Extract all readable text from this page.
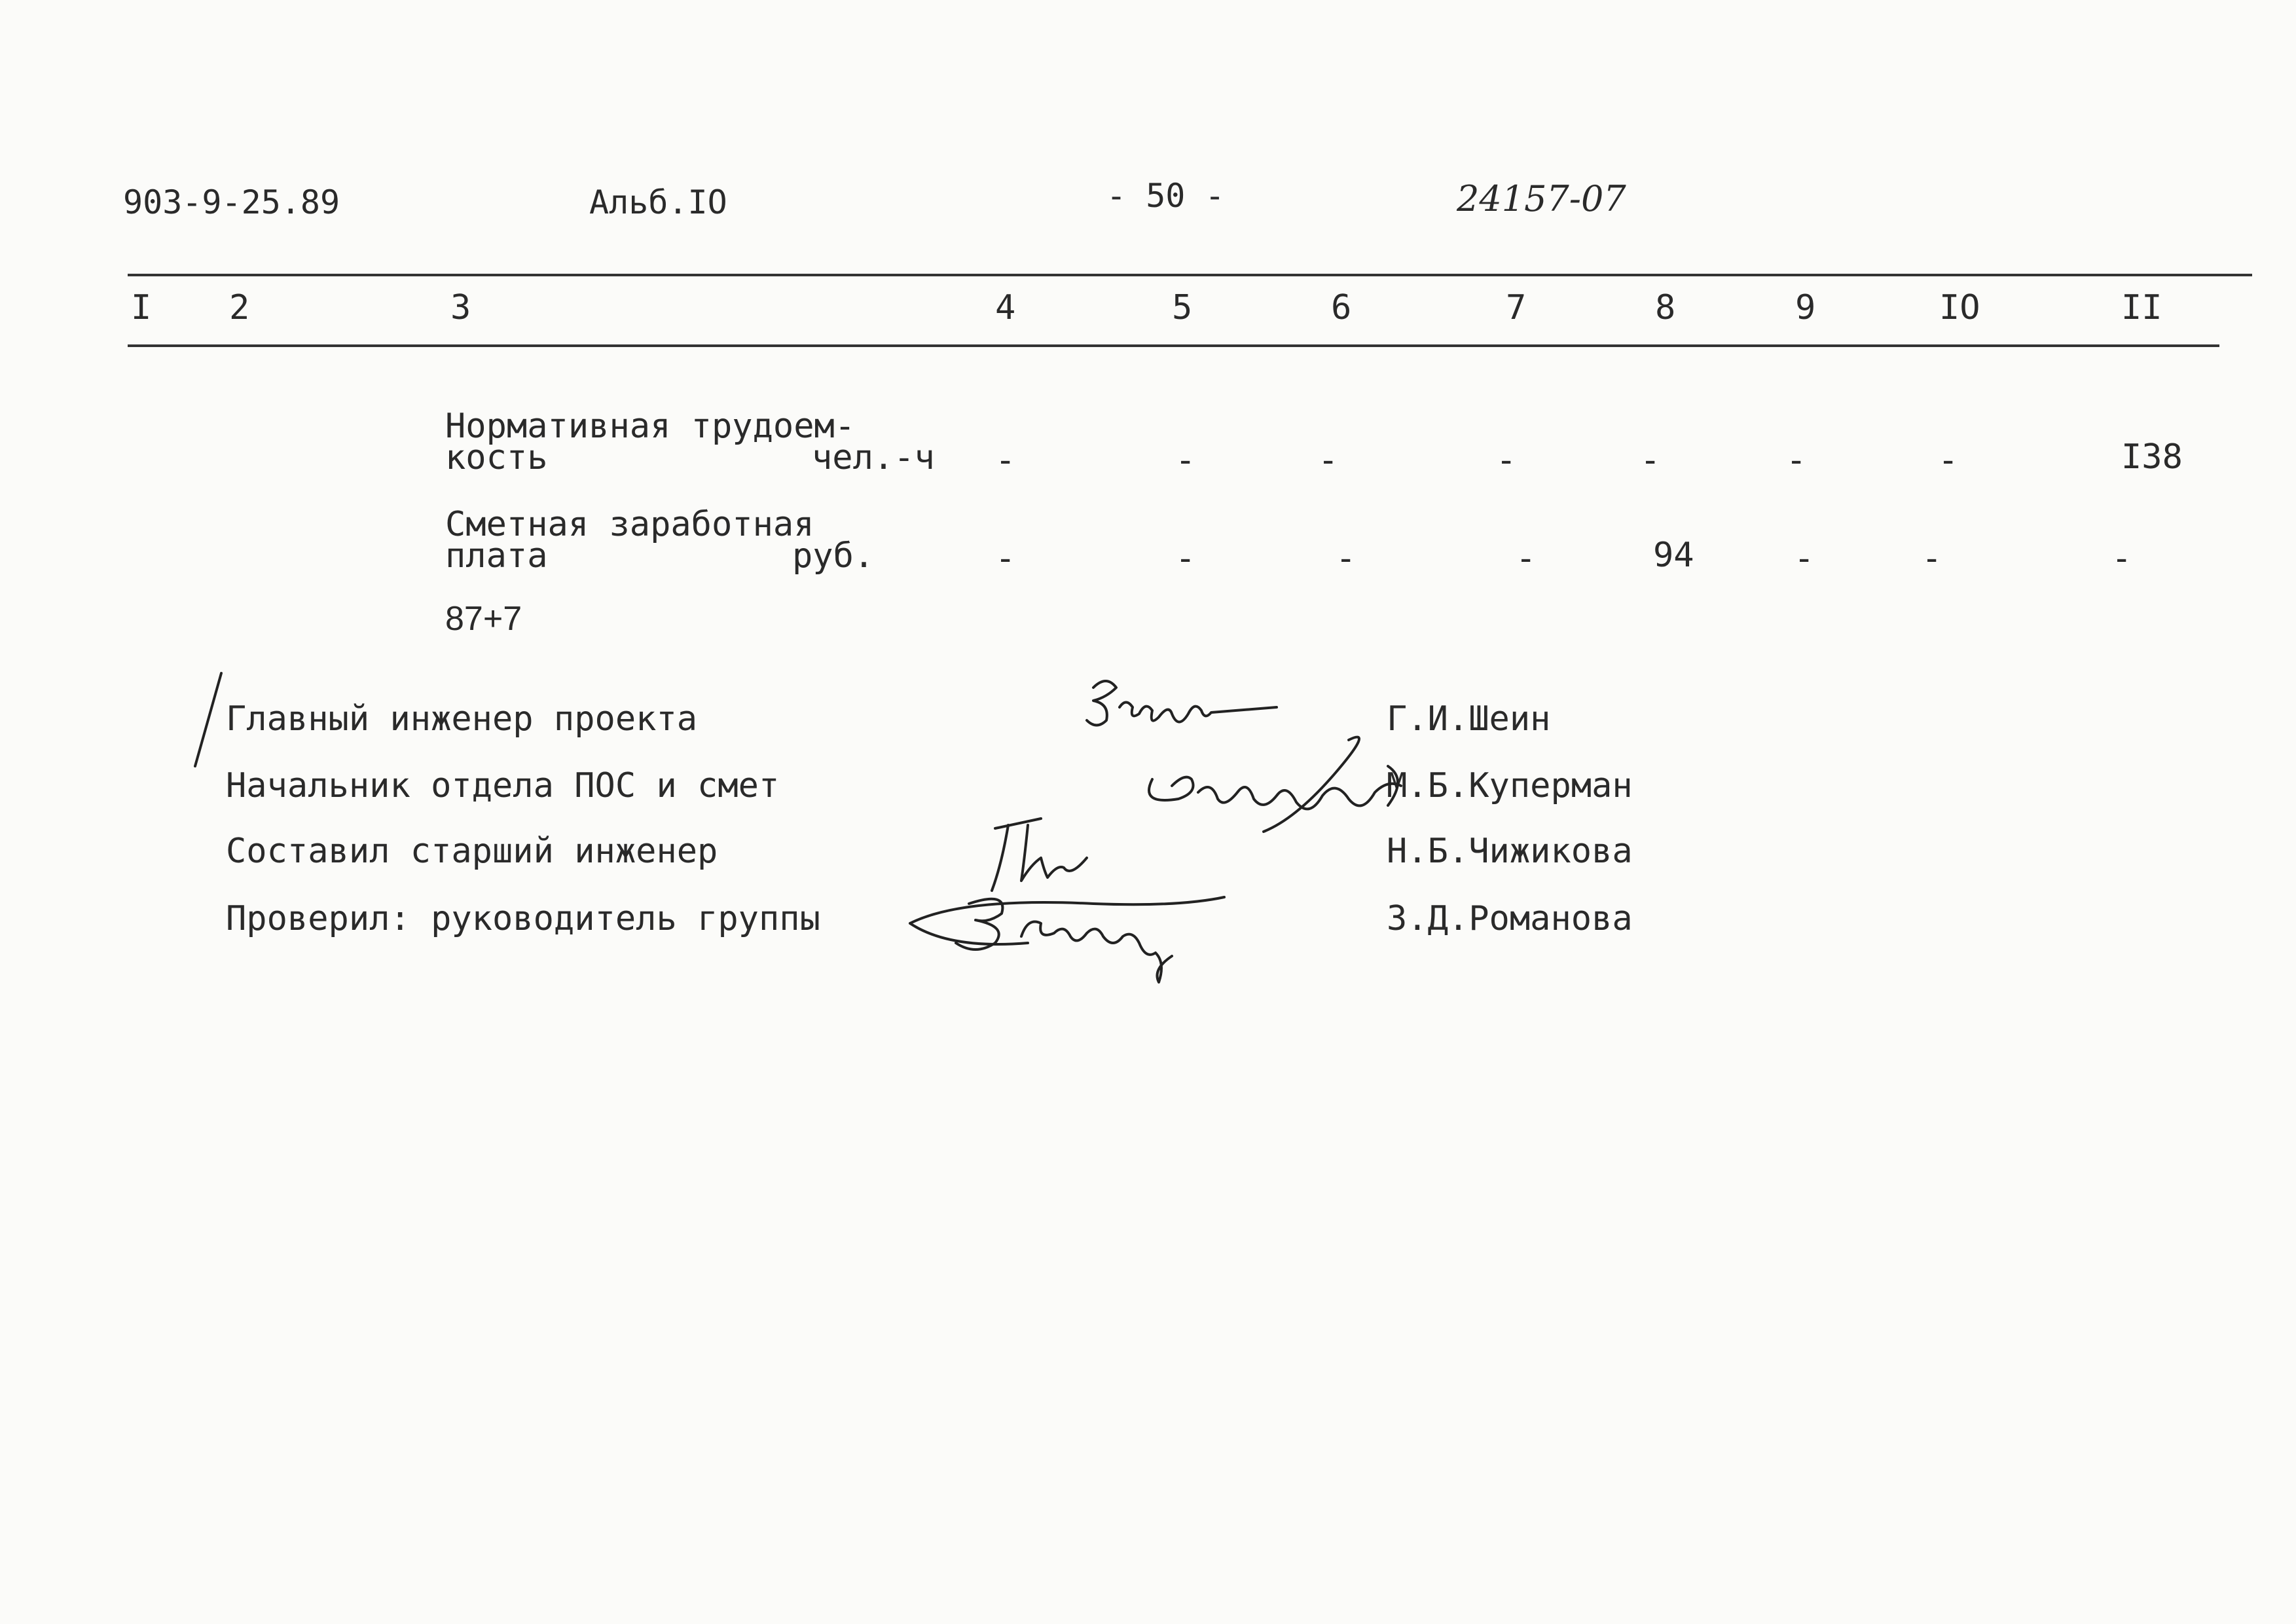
903-9-25.89	Альб.IO	- 50 -	24157-07
I 2	3	4	5	6	7	8	9	IO	II
Нормативная трудоем-
кость	чел.-ч -	-	-	-	-	-	-	I38
Сметная заработная
плата	руб.	-	-	-	-	94	-	-	-
87+7
Главный инженер проекта
Начальник отдела ПОС и смет
Составил старший инженер
Проверил: руководитель группы
Г.И.Шеин
М.Б.Куперман
Н.Б.Чижикова
З.Д.Романова
